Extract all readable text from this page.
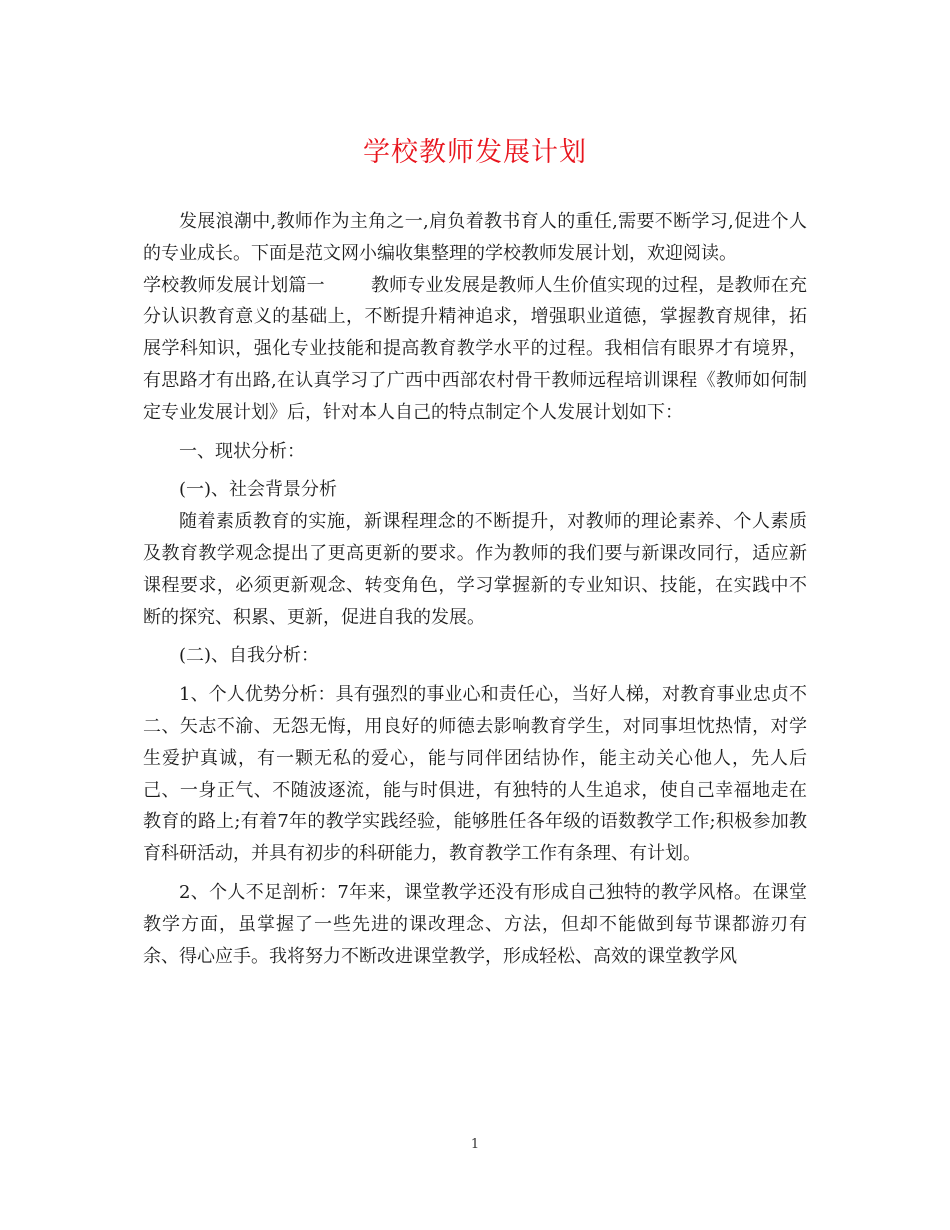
学校教师发展计划

发展浪潮中,教师作为主角之一,肩负着教书育人的重任,需要不断学习,促进个人的专业成长。下面是范文网小编收集整理的学校教师发展计划，欢迎阅读。

学校教师发展计划篇一	教师专业发展是教师人生价值实现的过程，是教师在充分认识教育意义的基础上，不断提升精神追求，增强职业道德，掌握教育规律，拓展学科知识，强化专业技能和提高教育教学水平的过程。我相信有眼界才有境界，有思路才有出路,在认真学习了广西中西部农村骨干教师远程培训课程《教师如何制定专业发展计划》后，针对本人自己的特点制定个人发展计划如下：

一、现状分析：

(一)、社会背景分析

随着素质教育的实施，新课程理念的不断提升，对教师的理论素养、个人素质及教育教学观念提出了更高更新的要求。作为教师的我们要与新课改同行，适应新课程要求，必须更新观念、转变角色，学习掌握新的专业知识、技能，在实践中不断的探究、积累、更新，促进自我的发展。

(二)、自我分析：

1、个人优势分析：具有强烈的事业心和责任心，当好人梯，对教育事业忠贞不二、矢志不渝、无怨无悔，用良好的师德去影响教育学生，对同事坦忱热情，对学生爱护真诚，有一颗无私的爱心，能与同伴团结协作，能主动关心他人，先人后己、一身正气、不随波逐流，能与时俱进，有独特的人生追求，使自己幸福地走在教育的路上;有着7年的教学实践经验，能够胜任各年级的语数教学工作;积极参加教育科研活动，并具有初步的科研能力，教育教学工作有条理、有计划。

2、个人不足剖析：7年来，课堂教学还没有形成自己独特的教学风格。在课堂教学方面，虽掌握了一些先进的课改理念、方法，但却不能做到每节课都游刃有余、得心应手。我将努力不断改进课堂教学，形成轻松、高效的课堂教学风

1
